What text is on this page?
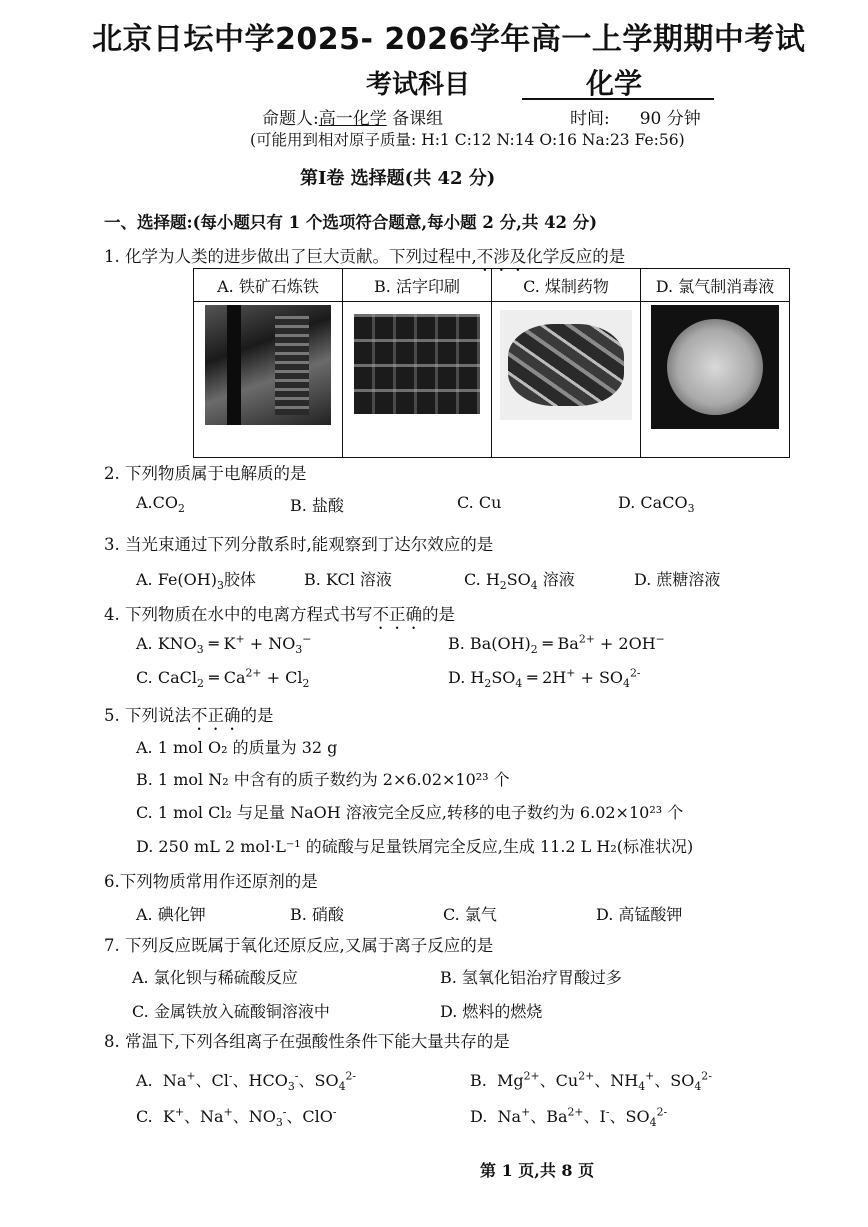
北京日坛中学2025- 2026学年高一上学期期中考试
考试科目	化学
命题人:高一化学 备课组	时间: 90 分钟
(可能用到相对原子质量: H:1 C:12 N:14 O:16 Na:23 Fe:56)
第Ⅰ卷 选择题(共 42 分)
一、选择题:(每小题只有 1 个选项符合题意,每小题 2 分,共 42 分)
1. 化学为人类的进步做出了巨大贡献。下列过程中,不涉及化学反应的是
A. 铁矿石炼铁	B. 活字印刷	C. 煤制药物	D. 氯气制消毒液

2. 下列物质属于电解质的是
$A.CO_2$	B. 盐酸	C. Cu	D. CaCO$_3$
3. 当光束通过下列分散系时,能观察到丁达尔效应的是
A. $Fe(OH)_3$胶体	B. KCl 溶液	C. $H_2SO_4$ 溶液	D. 蔗糖溶液
4. 下列物质在水中的电离方程式书写不正确的是
A. $KNO_3$ ═ $K^+ + NO_3^-$	B. $Ba(OH)_2$ ═ $Ba^{2+} + 2OH^-$
C. CaCl$_2$ ═ $Ca^{2+} + Cl_2$	D. $H_2SO_4$ ═ $2H^+ + SO_4^{2-}$
5. 下列说法不正确的是
A. 1 mol O₂ 的质量为 32 g
B. 1 mol N₂ 中含有的质子数约为 2×6.02×10²³ 个
C. 1 mol Cl₂ 与足量 NaOH 溶液完全反应,转移的电子数约为 6.02×10²³ 个
D. 250 mL 2 mol·L⁻¹ 的硫酸与足量铁屑完全反应,生成 11.2 L H₂(标准状况)
6.下列物质常用作还原剂的是
A. 碘化钾	B. 硝酸	C. 氯气	D. 高锰酸钾
7. 下列反应既属于氧化还原反应,又属于离子反应的是
A. 氯化钡与稀硫酸反应	B. 氢氧化铝治疗胃酸过多
C. 金属铁放入硫酸铜溶液中	D. 燃料的燃烧
8. 常温下,下列各组离子在强酸性条件下能大量共存的是
A.  Na+、Cl-、$HCO_3^-$、$SO_4^{2-}$	B.  $Mg^{2+}$、$Cu^{2+}$、$NH_4^+$、$SO_4^{2-}$
C.  K+、Na+、$NO_3^-$、ClO-	D.  Na+、$Ba^{2+}$、I-、$SO_4^{2-}$
第 1 页,共 8 页
